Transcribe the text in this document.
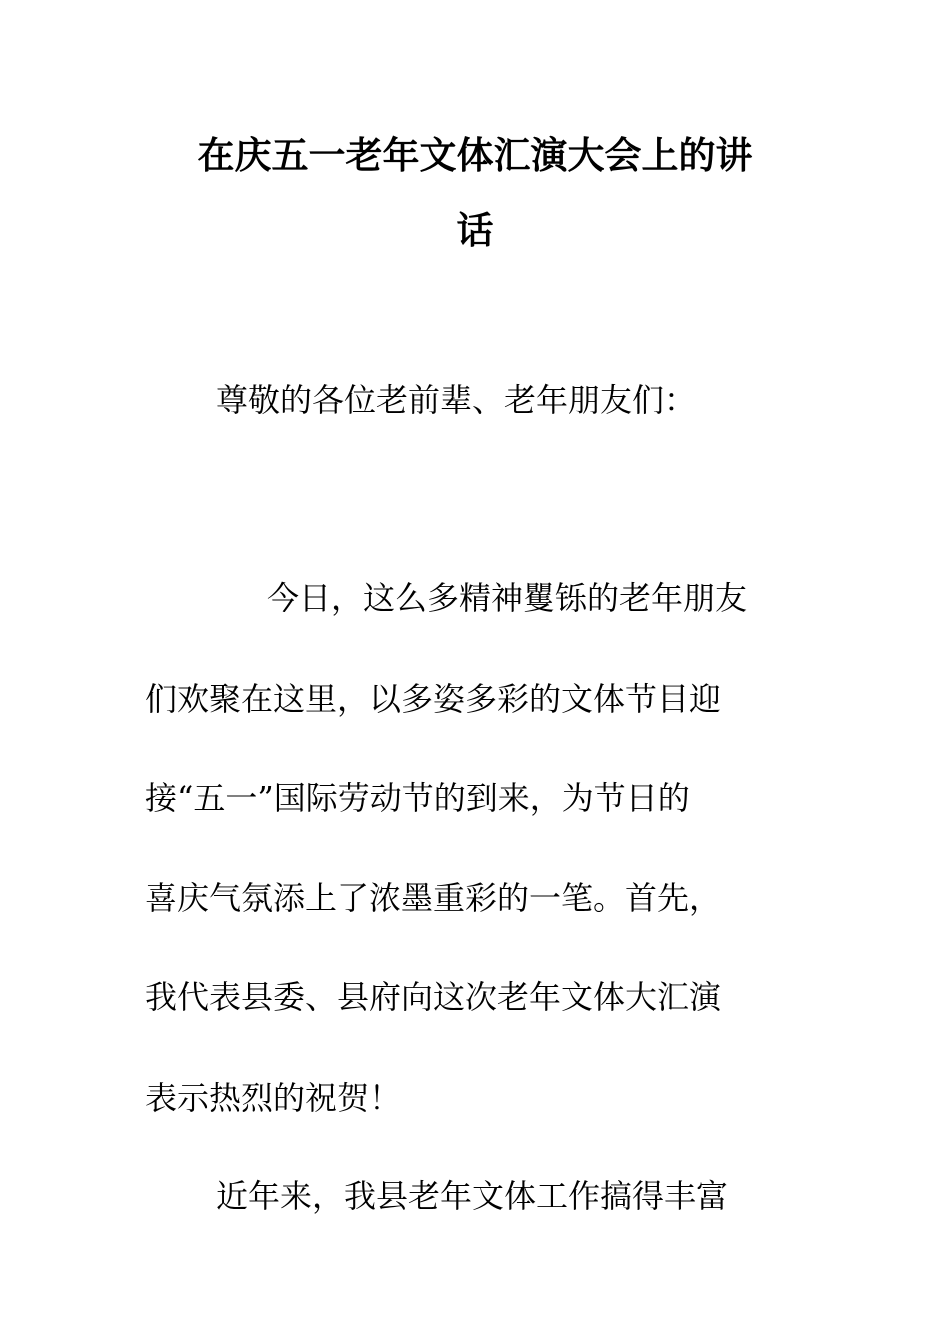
在庆五一老年文体汇演大会上的讲
话
尊敬的各位老前辈、老年朋友们：
今日，这么多精神矍铄的老年朋友
们欢聚在这里，以多姿多彩的文体节目迎
接“五一”国际劳动节的到来，为节日的
喜庆气氛添上了浓墨重彩的一笔。首先，
我代表县委、县府向这次老年文体大汇演
表示热烈的祝贺！
近年来，我县老年文体工作搞得丰富
